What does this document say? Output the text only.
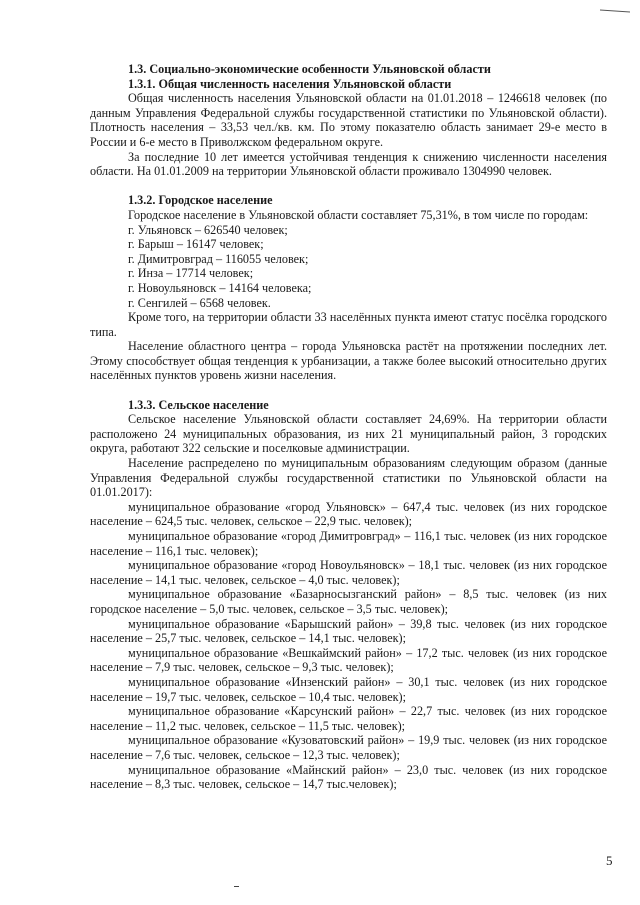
1.3. Социально-экономические особенности Ульяновской области
1.3.1. Общая численность населения Ульяновской области

Общая численность населения Ульяновской области на 01.01.2018 – 1246618 человек (по данным Управления Федеральной службы государственной статистики по Ульяновской области). Плотность населения – 33,53 чел./кв. км. По этому показателю область занимает 29-е место в России и 6-е место в Приволжском федеральном округе.

За последние 10 лет имеется устойчивая тенденция к снижению численности населения области. На 01.01.2009 на территории Ульяновской области проживало 1304990 человек.

1.3.2. Городское население

Городское население в Ульяновской области составляет 75,31%, в том числе по городам:

г. Ульяновск – 626540 человек;
г. Барыш – 16147 человек;
г. Димитровград – 116055 человек;
г. Инза – 17714 человек;
г. Новоульяновск – 14164 человека;
г. Сенгилей – 6568 человек.

Кроме того, на территории области 33 населённых пункта имеют статус посёлка городского типа.

Население областного центра – города Ульяновска растёт на протяжении последних лет. Этому способствует общая тенденция к урбанизации, а также более высокий относительно других населённых пунктов уровень жизни населения.

1.3.3. Сельское население

Сельское население Ульяновской области составляет 24,69%. На территории области расположено 24 муниципальных образования, из них 21 муниципальный район, 3 городских округа, работают 322 сельские и поселковые администрации.

Население распределено по муниципальным образованиям следующим образом (данные Управления Федеральной службы государственной статистики по Ульяновской области на 01.01.2017):

муниципальное образование «город Ульяновск» – 647,4 тыс. человек (из них городское население – 624,5 тыс. человек, сельское – 22,9 тыс. человек);

муниципальное образование «город Димитровград» – 116,1 тыс. человек (из них городское население – 116,1 тыс. человек);

муниципальное образование «город Новоульяновск» – 18,1 тыс. человек (из них городское население – 14,1 тыс. человек, сельское – 4,0 тыс. человек);

муниципальное образование «Базарносызганский район» – 8,5 тыс. человек (из них городское население – 5,0 тыс. человек, сельское – 3,5 тыс. человек);

муниципальное образование «Барышский район» – 39,8 тыс. человек (из них городское население – 25,7 тыс. человек, сельское – 14,1 тыс. человек);

муниципальное образование «Вешкаймский район» – 17,2 тыс. человек (из них городское население – 7,9 тыс. человек, сельское – 9,3 тыс. человек);

муниципальное образование «Инзенский район» – 30,1 тыс. человек (из них городское население – 19,7 тыс. человек, сельское – 10,4 тыс. человек);

муниципальное образование «Карсунский район» – 22,7 тыс. человек (из них городское население – 11,2 тыс. человек, сельское – 11,5 тыс. человек);

муниципальное образование «Кузоватовский район» – 19,9 тыс. человек (из них городское население – 7,6 тыс. человек, сельское – 12,3 тыс. человек);

муниципальное образование «Майнский район» – 23,0 тыс. человек (из них городское население – 8,3 тыс. человек, сельское – 14,7 тыс.человек);

5
